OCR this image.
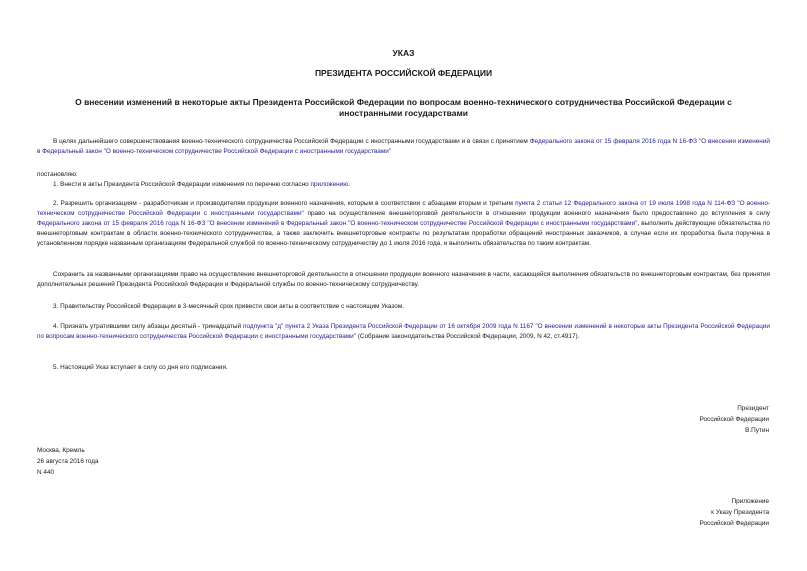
УКАЗ
ПРЕЗИДЕНТА РОССИЙСКОЙ ФЕДЕРАЦИИ
О внесении изменений в некоторые акты Президента Российской Федерации по вопросам военно-технического сотрудничества Российской Федерации с иностранными государствами

В целях дальнейшего совершенствования военно-технического сотрудничества Российской Федерации с иностранными государствами и в связи с принятием Федерального закона от 15 февраля 2016 года N 16-ФЗ "О внесении изменений в Федеральный закон "О военно-техническом сотрудничестве Российской Федерации с иностранными государствами"

постановляю:

1. Внести в акты Президента Российской Федерации изменения по перечню согласно приложению.

2. Разрешить организациям - разработчикам и производителям продукции военного назначения, которым в соответствии с абзацами вторым и третьим пункта 2 статьи 12 Федерального закона от 19 июля 1998 года N 114-ФЗ "О военно-техническом сотрудничестве Российской Федерации с иностранными государствами" право на осуществление внешнеторговой деятельности в отношении продукции военного назначения было предоставлено до вступления в силу Федерального закона от 15 февраля 2016 года N 16-ФЗ "О внесении изменений в Федеральный закон "О военно-техническом сотрудничестве Российской Федерации с иностранными государствами", выполнить действующие обязательства по внешнеторговым контрактам в области военно-технического сотрудничества, а также заключить внешнеторговые контракты по результатам проработки обращений иностранных заказчиков, в случае если их проработка была поручена в установленном порядке названным организациям Федеральной службой по военно-техническому сотрудничеству до 1 июля 2016 года, и выполнить обязательства по таким контрактам.

Сохранить за названными организациями право на осуществление внешнеторговой деятельности в отношении продукции военного назначения в части, касающейся выполнения обязательств по внешнеторговым контрактам, без принятия дополнительных решений Президента Российской Федерации и Федеральной службы по военно-техническому сотрудничеству.

3. Правительству Российской Федерации в 3-месячный срок привести свои акты в соответствие с настоящим Указом.

4. Признать утратившими силу абзацы десятый - тринадцатый подпункта "д" пункта 2 Указа Президента Российской Федерации от 16 октября 2009 года N 1167 "О внесении изменений в некоторые акты Президента Российской Федерации по вопросам военно-технического сотрудничества Российской Федерации с иностранными государствами" (Собрание законодательства Российской Федерации, 2009, N 42, ст.4917).

5. Настоящий Указ вступает в силу со дня его подписания.

Президент
Российской Федерации
В.Путин
Москва, Кремль
26 августа 2016 года
N 440
Приложение
к Указу Президента
Российской Федерации
